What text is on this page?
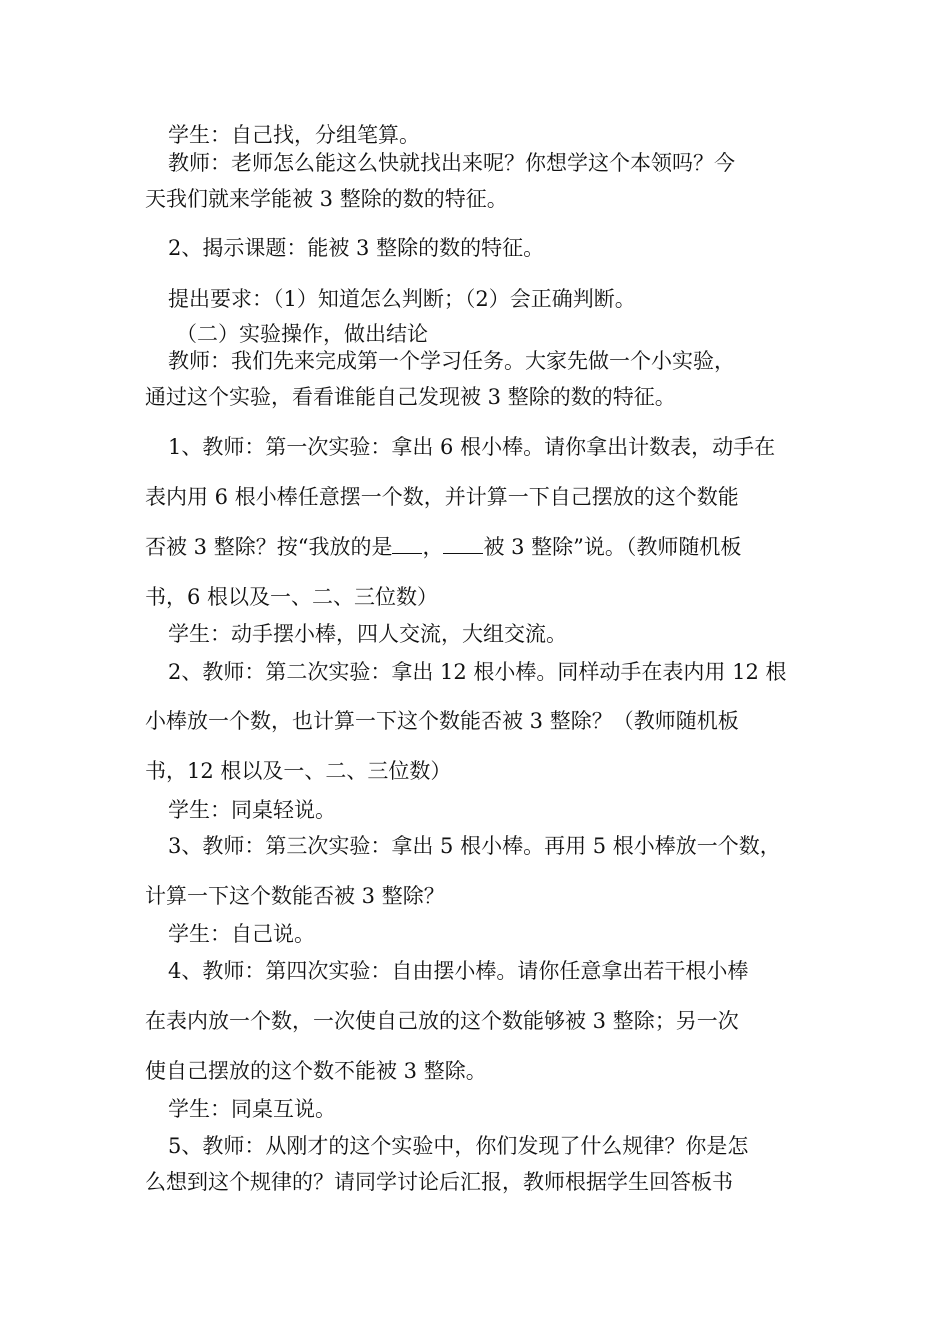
学生：自己找，分组笔算。
教师：老师怎么能这么快就找出来呢？你想学这个本领吗？今
天我们就来学能被 3 整除的数的特征。
2、揭示课题：能被 3 整除的数的特征。
提出要求：（1）知道怎么判断；（2）会正确判断。
（二）实验操作，做出结论
教师：我们先来完成第一个学习任务。大家先做一个小实验，
通过这个实验，看看谁能自己发现被 3 整除的数的特征。
1、教师：第一次实验：拿出 6 根小棒。请你拿出计数表，动手在
表内用 6 根小棒任意摆一个数，并计算一下自己摆放的这个数能
否被 3 整除？按“我放的是 ， 被 3 整除”说。（教师随机板
书，6 根以及一、二、三位数）
学生：动手摆小棒，四人交流，大组交流。
2、教师：第二次实验：拿出 12 根小棒。同样动手在表内用 12 根
小棒放一个数，也计算一下这个数能否被 3 整除？（教师随机板
书，12 根以及一、二、三位数）
学生：同桌轻说。
3、教师：第三次实验：拿出 5 根小棒。再用 5 根小棒放一个数，
计算一下这个数能否被 3 整除？
学生：自己说。
4、教师：第四次实验：自由摆小棒。请你任意拿出若干根小棒
在表内放一个数，一次使自己放的这个数能够被 3 整除；另一次
使自己摆放的这个数不能被 3 整除。
学生：同桌互说。
5、教师：从刚才的这个实验中，你们发现了什么规律？你是怎
么想到这个规律的？请同学讨论后汇报，教师根据学生回答板书
